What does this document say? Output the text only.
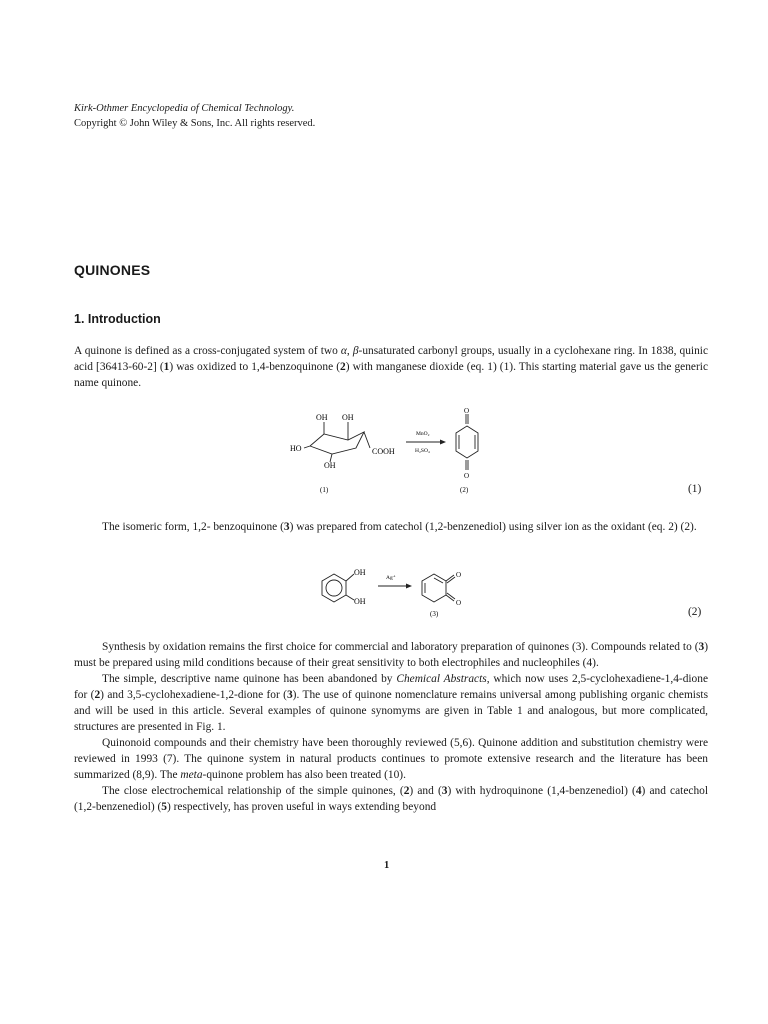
Kirk-Othmer Encyclopedia of Chemical Technology.
Copyright © John Wiley & Sons, Inc. All rights reserved.
QUINONES
1. Introduction

A quinone is defined as a cross-conjugated system of two α, β-unsaturated carbonyl groups, usually in a cyclohexane ring. In 1838, quinic acid [36413-60-2] (1) was oxidized to 1,4-benzoquinone (2) with manganese dioxide (eq. 1) (1). This starting material gave us the generic name quinone.

OH OH
HO	COOH
OH
MnO₂
H₂SO₄
O
O
(1)	(2)	(1)

The isomeric form, 1,2- benzoquinone (3) was prepared from catechol (1,2-benzenediol) using silver ion as the oxidant (eq. 2) (2).

OH
OH
Ag⁺	O
O
(3)	(2)

Synthesis by oxidation remains the first choice for commercial and laboratory preparation of quinones (3). Compounds related to (3) must be prepared using mild conditions because of their great sensitivity to both electrophiles and nucleophiles (4).

The simple, descriptive name quinone has been abandoned by Chemical Abstracts, which now uses 2,5-cyclohexadiene-1,4-dione for (2) and 3,5-cyclohexadiene-1,2-dione for (3). The use of quinone nomenclature remains universal among publishing organic chemists and will be used in this article. Several examples of quinone synomyms are given in Table 1 and analogous, but more complicated, structures are presented in Fig. 1.

Quinonoid compounds and their chemistry have been thoroughly reviewed (5,6). Quinone addition and substitution chemistry were reviewed in 1993 (7). The quinone system in natural products continues to promote extensive research and the literature has been summarized (8,9). The meta-quinone problem has also been treated (10).

The close electrochemical relationship of the simple quinones, (2) and (3) with hydroquinone (1,4-benzenediol) (4) and catechol (1,2-benzenediol) (5) respectively, has proven useful in ways extending beyond

1
